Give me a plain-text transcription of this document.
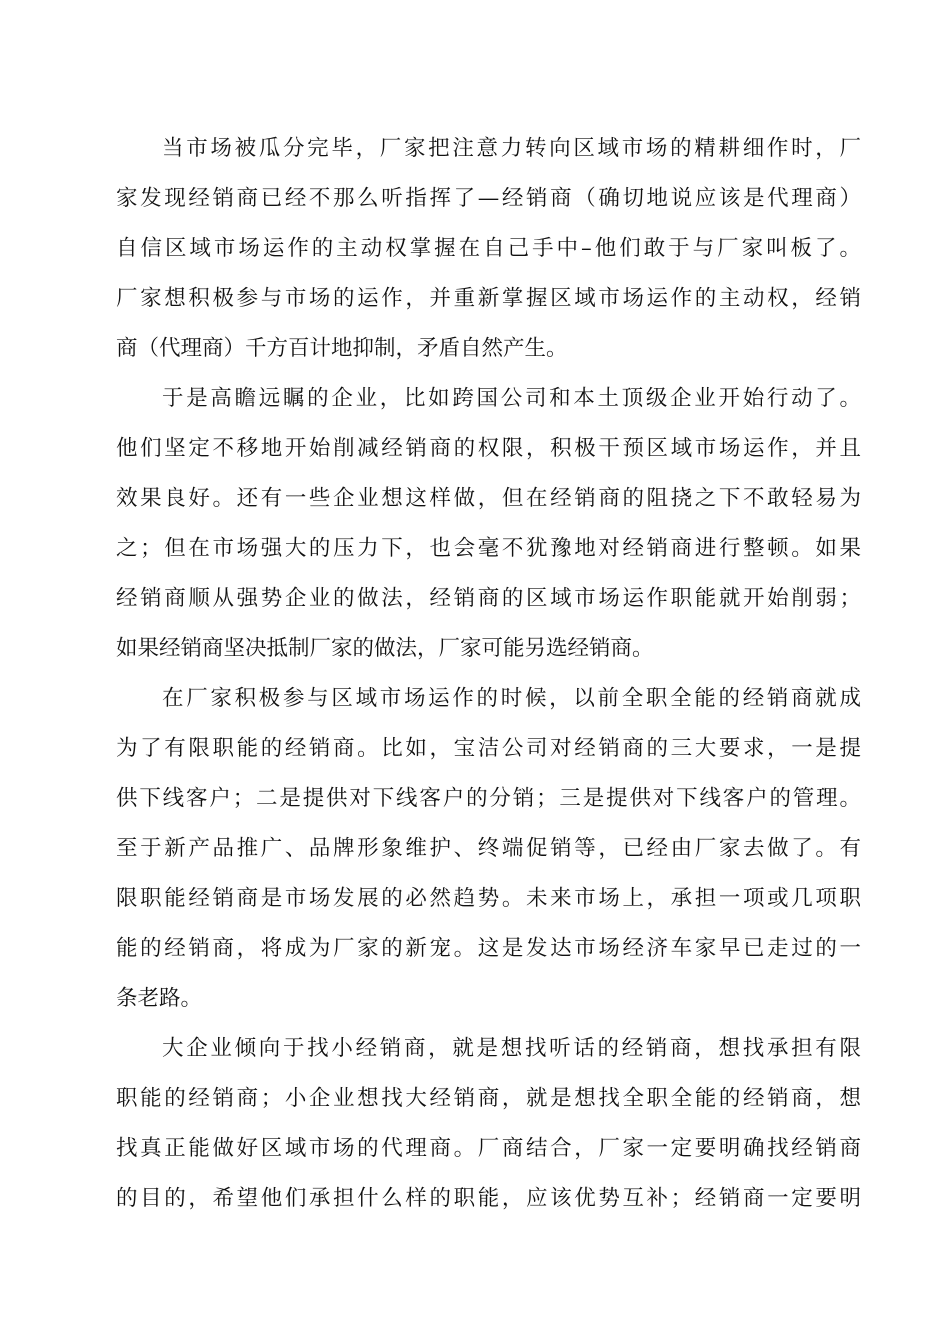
当市场被瓜分完毕，厂家把注意力转向区域市场的精耕细作时，厂
家发现经销商已经不那么听指挥了—经销商（确切地说应该是代理商）
自信区域市场运作的主动权掌握在自己手中–他们敢于与厂家叫板了。
厂家想积极参与市场的运作，并重新掌握区域市场运作的主动权，经销
商（代理商）千方百计地抑制，矛盾自然产生。
于是高瞻远瞩的企业，比如跨国公司和本土顶级企业开始行动了。
他们坚定不移地开始削减经销商的权限，积极干预区域市场运作，并且
效果良好。还有一些企业想这样做，但在经销商的阻挠之下不敢轻易为
之；但在市场强大的压力下，也会毫不犹豫地对经销商进行整顿。如果
经销商顺从强势企业的做法，经销商的区域市场运作职能就开始削弱；
如果经销商坚决抵制厂家的做法，厂家可能另选经销商。
在厂家积极参与区域市场运作的时候，以前全职全能的经销商就成
为了有限职能的经销商。比如，宝洁公司对经销商的三大要求，一是提
供下线客户；二是提供对下线客户的分销；三是提供对下线客户的管理。
至于新产品推广、品牌形象维护、终端促销等，已经由厂家去做了。有
限职能经销商是市场发展的必然趋势。未来市场上，承担一项或几项职
能的经销商，将成为厂家的新宠。这是发达市场经济车家早已走过的一
条老路。
大企业倾向于找小经销商，就是想找听话的经销商，想找承担有限
职能的经销商；小企业想找大经销商，就是想找全职全能的经销商，想
找真正能做好区域市场的代理商。厂商结合，厂家一定要明确找经销商
的目的，希望他们承担什么样的职能，应该优势互补；经销商一定要明
